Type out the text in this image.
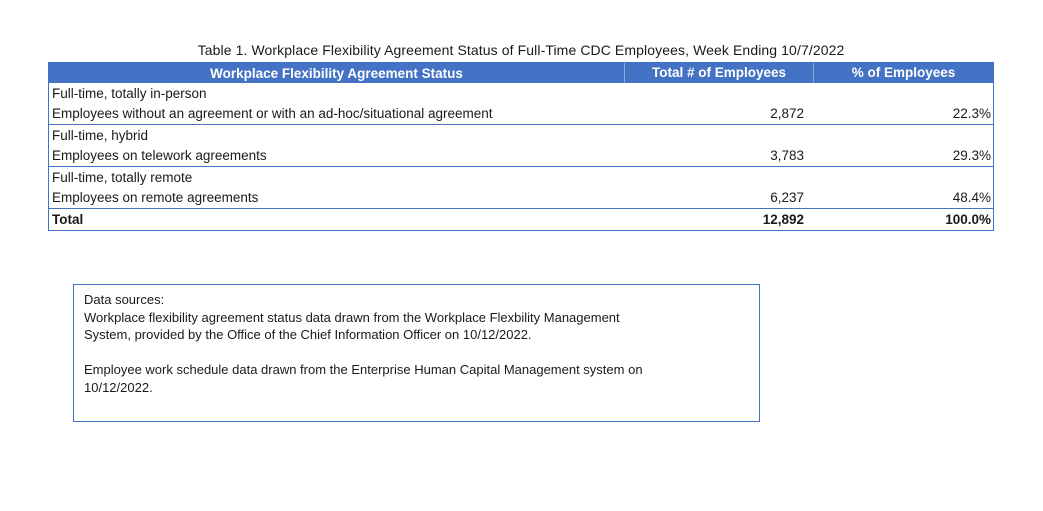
Table 1. Workplace Flexibility Agreement Status of Full-Time CDC Employees, Week Ending 10/7/2022
Workplace Flexibility Agreement Status	Total # of Employees	% of Employees
Full-time, totally in-person
Employees without an agreement or with an ad-hoc/situational agreement	2,872	22.3%
Full-time, hybrid
Employees on telework agreements	3,783	29.3%
Full-time, totally remote
Employees on remote agreements	6,237	48.4%
Total	12,892	100.0%

Data sources:

Workplace flexibility agreement status data drawn from the Workplace Flexbility Management

System, provided by the Office of the Chief Information Officer on 10/12/2022.

Employee work schedule data drawn from the Enterprise Human Capital Management system on

10/12/2022.
